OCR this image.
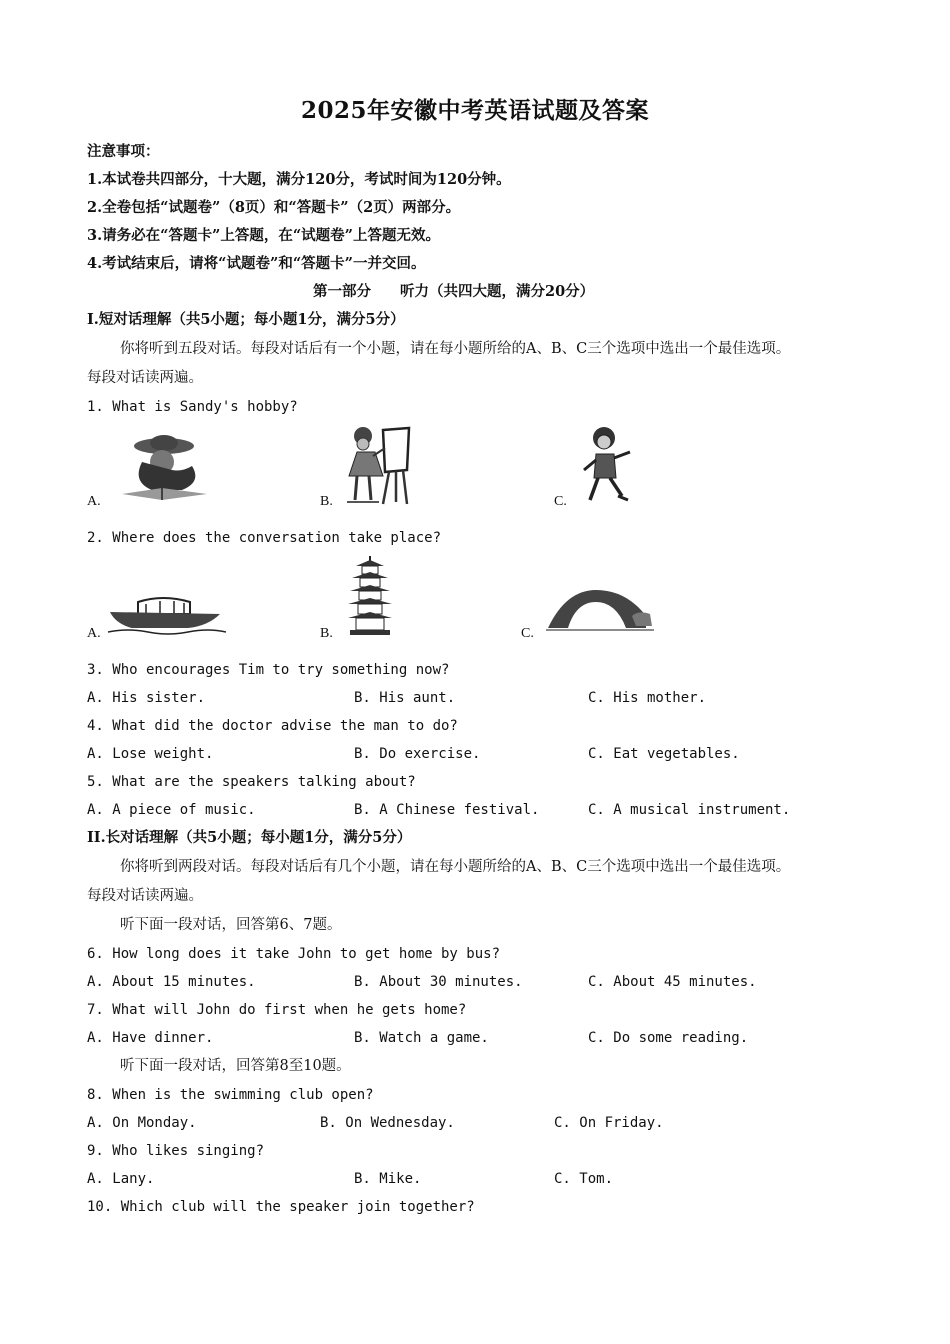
2025年安徽中考英语试题及答案
注意事项：
1.本试卷共四部分，十大题，满分120分，考试时间为120分钟。
2.全卷包括“试题卷”（8页）和“答题卡”（2页）两部分。
3.请务必在“答题卡”上答题，在“试题卷”上答题无效。
4.考试结束后，请将“试题卷”和“答题卡”一并交回。
第一部分　　听力（共四大题，满分20分）
I.短对话理解（共5小题；每小题1分，满分5分）
你将听到五段对话。每段对话后有一个小题，请在每小题所给的A、B、C三个选项中选出一个最佳选项。
每段对话读两遍。
1. What is Sandy's hobby?
A.	B.	C.
2. Where does the conversation take place?
A.	B.	C.
3. Who encourages Tim to try something now?
A. His sister.	B. His aunt.	C. His mother.
4. What did the doctor advise the man to do?
A. Lose weight.	B. Do exercise.	C. Eat vegetables.
5. What are the speakers talking about?
A. A piece of music.	B. A Chinese festival.	C. A musical instrument.
II.长对话理解（共5小题；每小题1分，满分5分）
你将听到两段对话。每段对话后有几个小题，请在每小题所给的A、B、C三个选项中选出一个最佳选项。
每段对话读两遍。
听下面一段对话，回答第6、7题。
6. How long does it take John to get home by bus?
A. About 15 minutes.	B. About 30 minutes.	C. About 45 minutes.
7. What will John do first when he gets home?
A. Have dinner.	B. Watch a game.	C. Do some reading.
听下面一段对话，回答第8至10题。
8. When is the swimming club open?
A. On Monday.	B. On Wednesday.	C. On Friday.
9. Who likes singing?
A. Lany.	B. Mike.	C. Tom.
10. Which club will the speaker join together?
